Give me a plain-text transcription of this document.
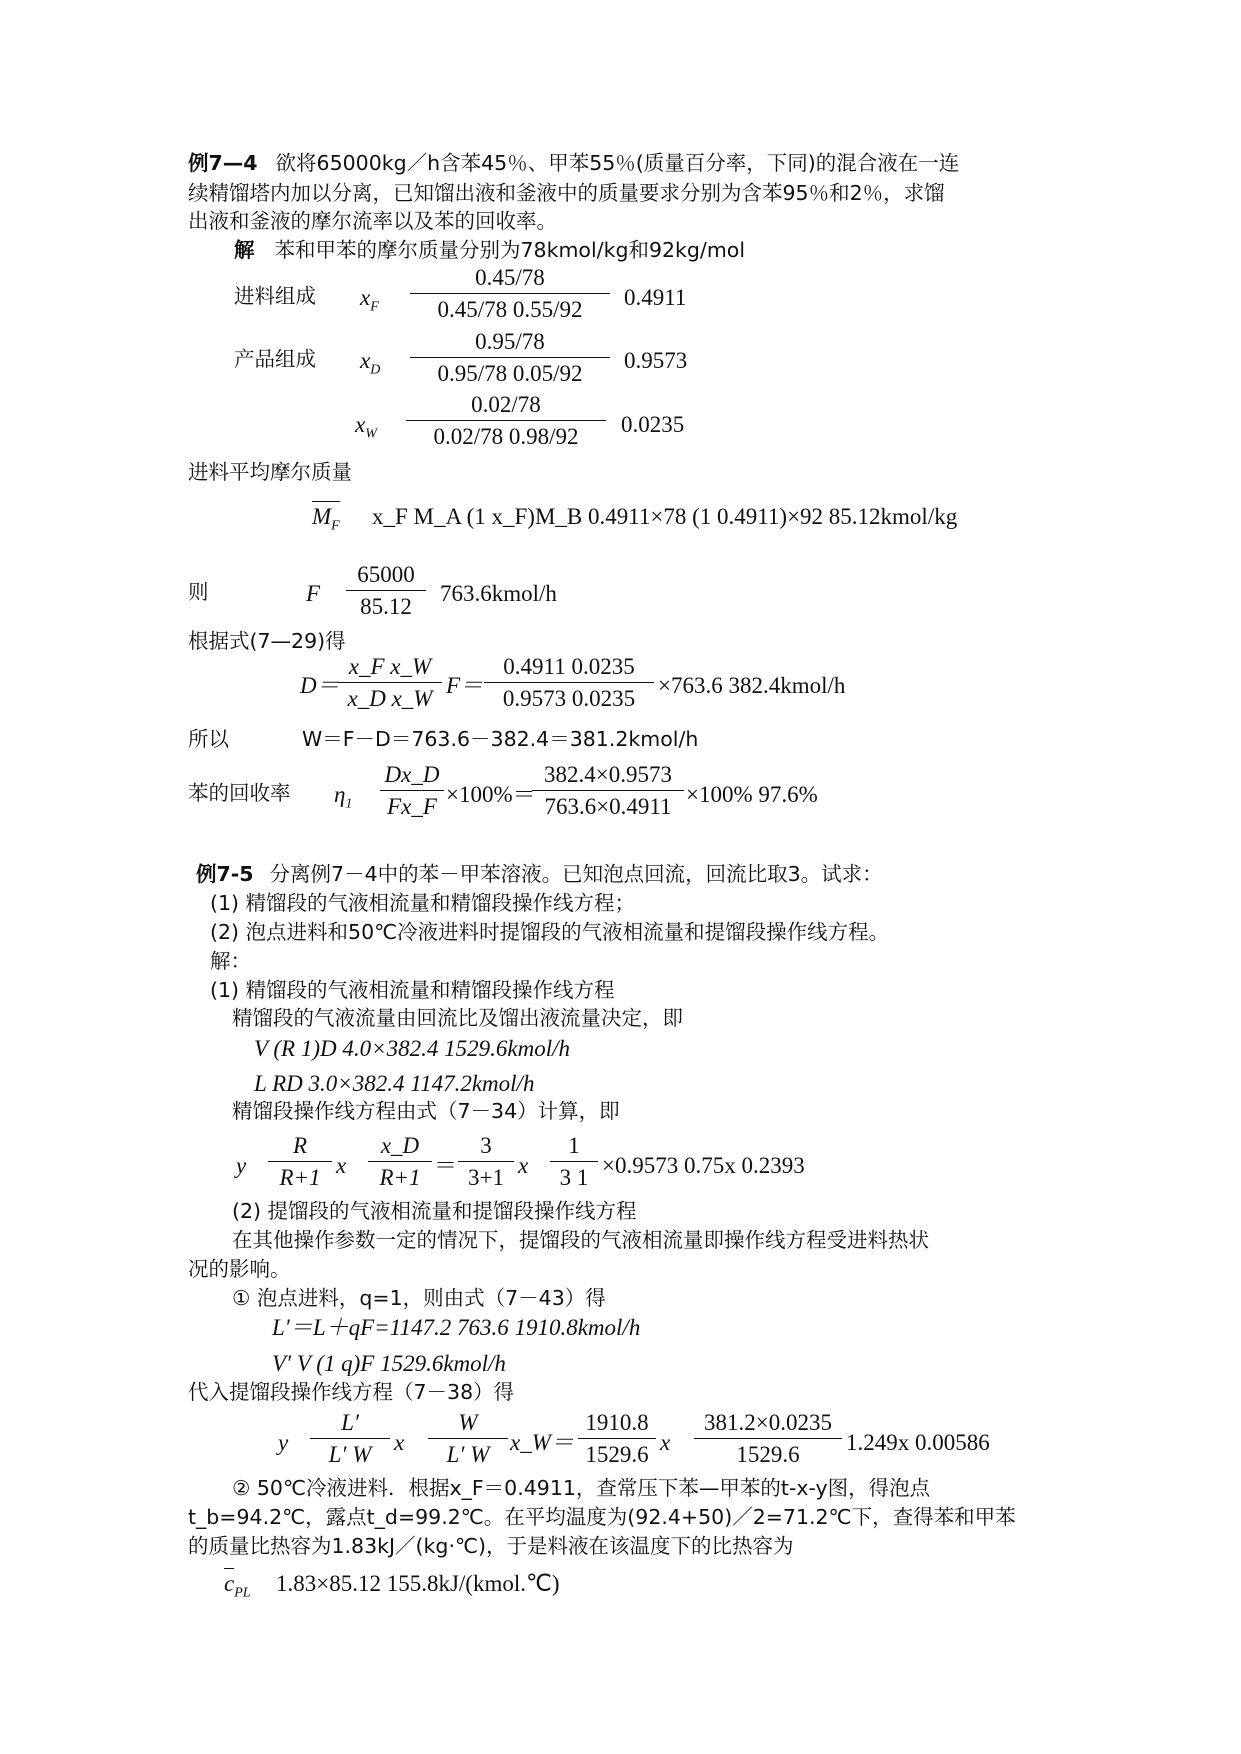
例7—4 欲将65000kg／h含苯45％、甲苯55％(质量百分率，下同)的混合液在一连
续精馏塔内加以分离，已知馏出液和釜液中的质量要求分别为含苯95％和2％，求馏
出液和釜液的摩尔流率以及苯的回收率。
解 苯和甲苯的摩尔质量分别为78kmol/kg和92kg/mol
进料组成 $x_F \frac{0.45/78}{0.45/78 0.55/92} 0.4911$
产品组成 $x_D \frac{0.95/78}{0.95/78 0.05/92} 0.9573$
$x_W \frac{0.02/78}{0.02/78 0.98/92} 0.0235$
进料平均摩尔质量
$M_F$ x_F M_A (1 x_F)M_B 0.4911×78 (1 0.4911)×92 85.12kmol/kg
则	F $\frac{65000}{85.12}$ 763.6kmol/h
根据式(7—29)得
D＝
$\frac{\text{x\_F x\_W}}{\text{x\_D x\_W}} F= \frac{0.4911 0.0235}{0.9573 0.0235} \times 763.6$ 382.4kmol/h
所以	W＝F－D＝763.6－382.4＝381.2kmol/h
苯的回收率 $\eta_1 \frac{Dx\_D}{Fx\_F} \times 100\%=$
$\frac{382.4\times 0.9573}{763.6\times 0.4911} \times 100\%$ 97.6%
例7-5 分离例7－4中的苯－甲苯溶液。已知泡点回流，回流比取3。试求：
(1) 精馏段的气液相流量和精馏段操作线方程；
(2) 泡点进料和50℃冷液进料时提馏段的气液相流量和提馏段操作线方程。
解：
(1) 精馏段的气液相流量和精馏段操作线方程
精馏段的气液流量由回流比及馏出液流量决定，即
V (R 1)D 4.0×382.4 1529.6kmol/h
L RD 3.0×382.4 1147.2kmol/h
精馏段操作线方程由式（7－34）计算，即
y $\frac{R}{R+1}$ x $\frac{x\_D}{R+1} = \frac{3}{3+1}$ x $\frac{1}{3 1} \times 0.9573$ 0.75x 0.2393
(2) 提馏段的气液相流量和提馏段操作线方程
在其他操作参数一定的情况下，提馏段的气液相流量即操作线方程受进料热状
况的影响。
① 泡点进料，q=1，则由式（7－43）得
L′＝L＋qF=1147.2 763.6 1910.8kmol/h
V′ V (1 q)F 1529.6kmol/h
代入提馏段操作线方程（7－38）得
y $\frac{L'}{L' W}$ x $\frac{W}{L' W}$ x_W＝ $\frac{1910.8}{1529.6}$ x $\frac{381.2\times 0.0235}{1529.6} 1.249x$ 0.00586
② 50℃冷液进料．根据x_F＝0.4911，查常压下苯—甲苯的t-x-y图，得泡点
t_b=94.2℃，露点t_d=99.2℃。在平均温度为(92.4+50)／2=71.2℃下，查得苯和甲苯
的质量比热容为1.83kJ／(kg·℃)，于是料液在该温度下的比热容为
$c_{PL}$ 1.83×85.12 155.8kJ/(kmol.℃)
